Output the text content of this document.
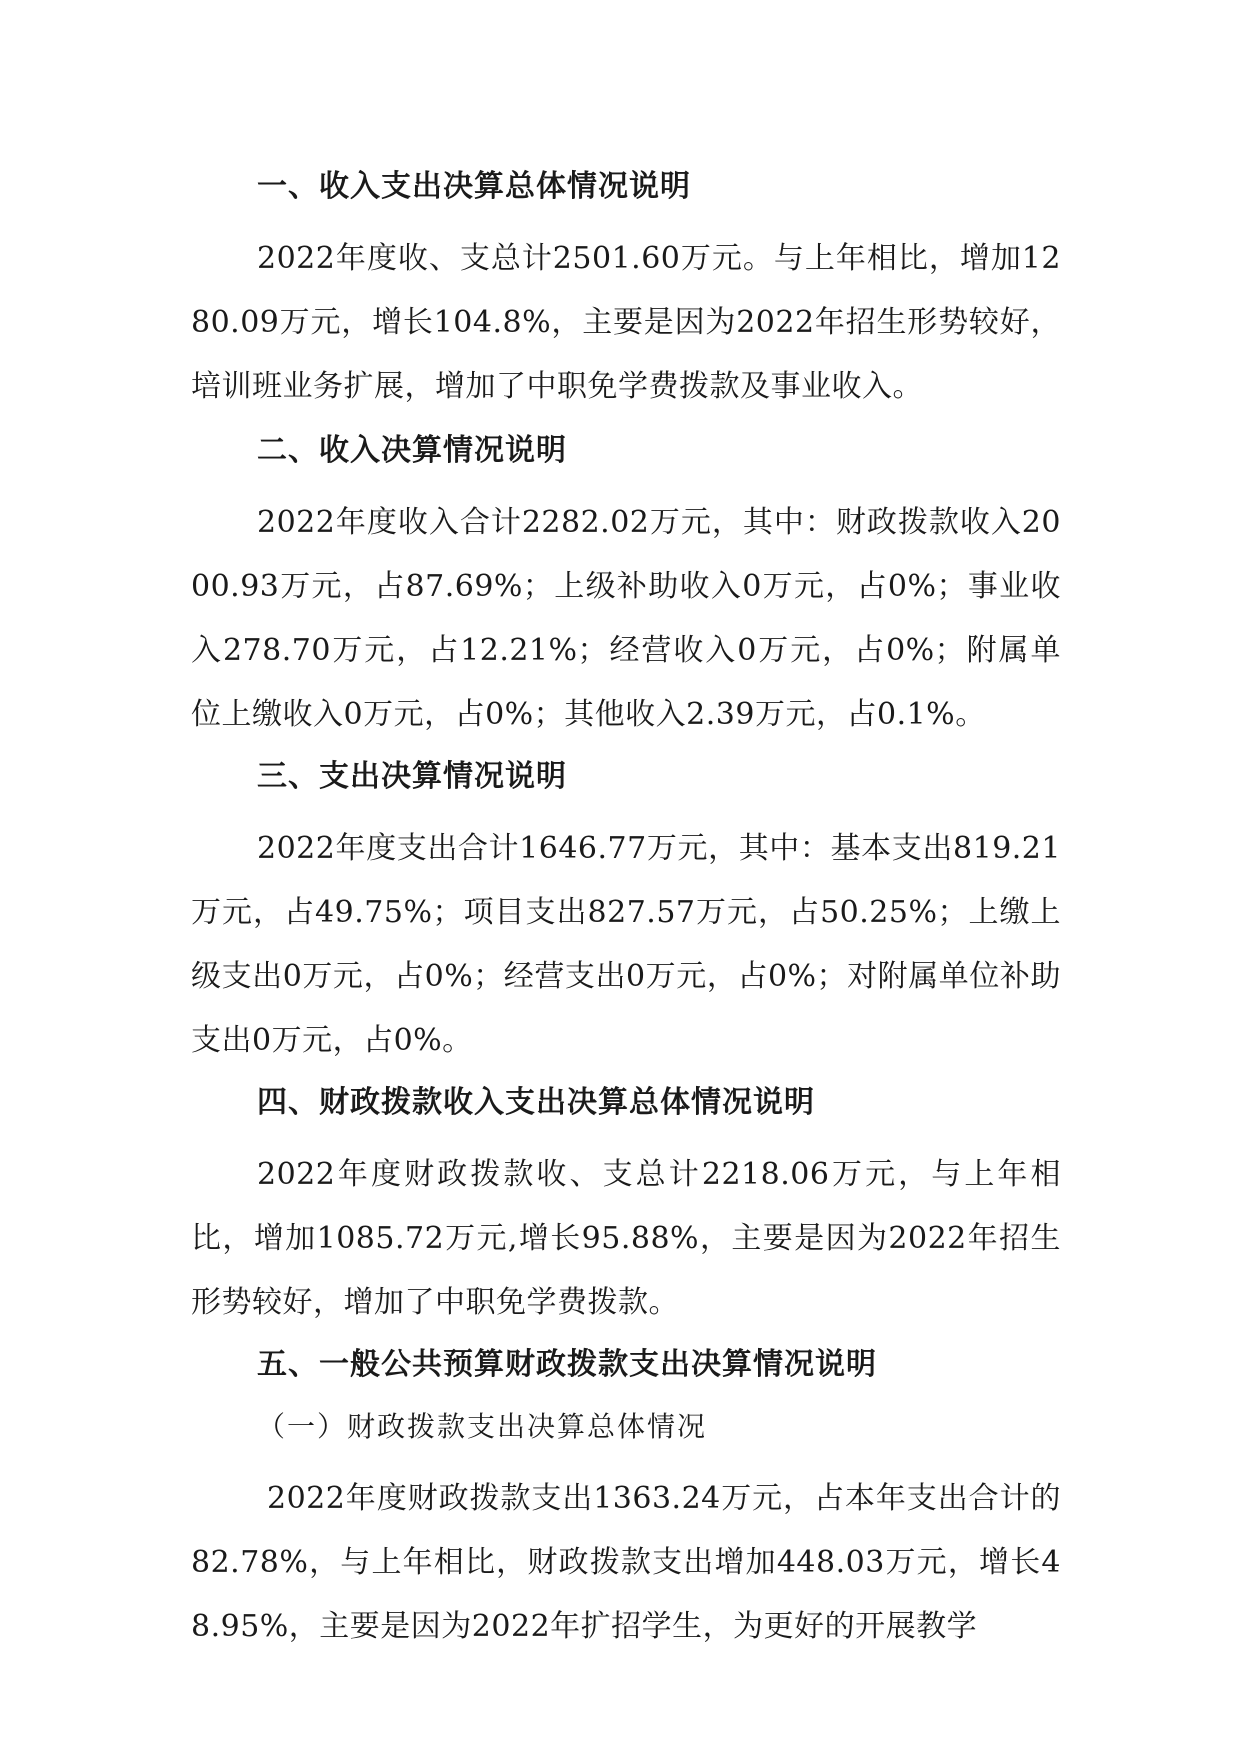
一、收入支出决算总体情况说明

2022年度收、支总计2501.60万元。与上年相比，增加1280.09万元，增长104.8%，主要是因为2022年招生形势较好，培训班业务扩展，增加了中职免学费拨款及事业收入。

二、收入决算情况说明

2022年度收入合计2282.02万元，其中：财政拨款收入2000.93万元，占87.69%；上级补助收入0万元，占0%；事业收入278.70万元，占12.21%；经营收入0万元，占0%；附属单位上缴收入0万元，占0%；其他收入2.39万元，占0.1%。

三、支出决算情况说明

2022年度支出合计1646.77万元，其中：基本支出819.21万元，占49.75%；项目支出827.57万元，占50.25%；上缴上级支出0万元，占0%；经营支出0万元，占0%；对附属单位补助支出0万元，占0%。

四、财政拨款收入支出决算总体情况说明

2022年度财政拨款收、支总计2218.06万元，与上年相比，增加1085.72万元,增长95.88%，主要是因为2022年招生形势较好，增加了中职免学费拨款。

五、一般公共预算财政拨款支出决算情况说明
（一）财政拨款支出决算总体情况

2022年度财政拨款支出1363.24万元，占本年支出合计的82.78%，与上年相比，财政拨款支出增加448.03万元，增长48.95%，主要是因为2022年扩招学生，为更好的开展教学
